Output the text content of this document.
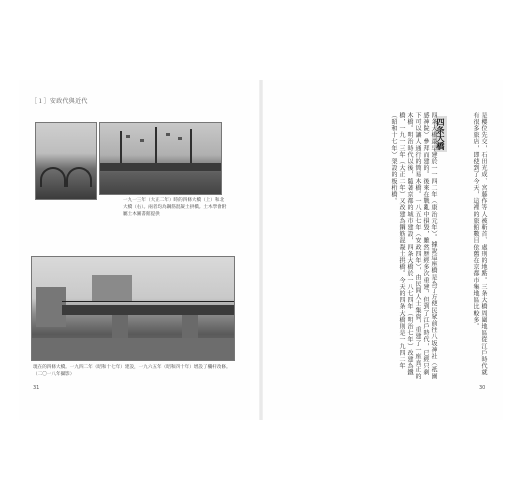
［１］安政代與近代
一九一三年（大正二年）時的四條大橋（上）和北大橋（右）。兩者均為鋼筋混凝土拱橋。土木學會附屬土木圖書館提供
現在的四條大橋。一九四二年（昭和十七年）建設，一九六五年（昭和四十年）增設了欄杆改修。（二〇一八年攝影）
31
是櫻位先交，石田光成、宮藤作等人被斬首、處刑的地點。三条大橋周圍地區從江戶時代就有很多旅店，即使到了今天，這裡的旅館數目依舊在京都市集地區比較多。
四条大橋
四条大橋最早建於一一四二年（康治元年）。據說這座橋是為了方便民眾前往八坂神社（祇園感神院）參拜而建的。後來在戰亂中損毀，雖然歷經多次重建，但到了江戶時代，已經只剩下可以讓人通行的簡易木橋。一八五七年（安政四年），由民間人士集資，重建了一座真正的木橋。明治時代以後，隨著京都的城市建設，四条大橋於一八七四年（明治七年）改建為鐵橋，一九一三年（大正二年）又改建為鋼筋混凝土拱橋。今天的四条大橋則是一九四二年（昭和十七年）架設的板桁橋。
30
